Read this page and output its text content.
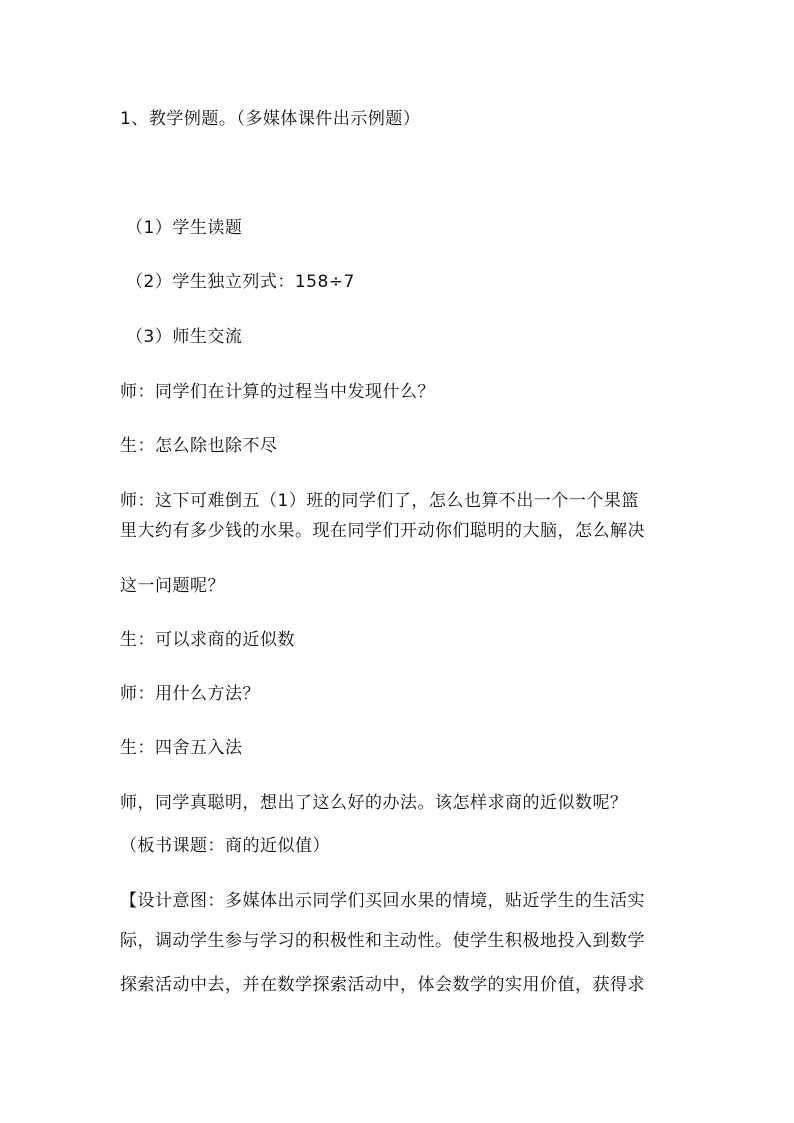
1、教学例题。（多媒体课件出示例题）
（1）学生读题
（2）学生独立列式：158÷7
（3）师生交流
师：同学们在计算的过程当中发现什么？
生：怎么除也除不尽
师：这下可难倒五（1）班的同学们了，怎么也算不出一个一个果篮
里大约有多少钱的水果。现在同学们开动你们聪明的大脑，怎么解决
这一问题呢？
生：可以求商的近似数
师：用什么方法？
生：四舍五入法
师，同学真聪明，想出了这么好的办法。该怎样求商的近似数呢？
（板书课题：商的近似值）
【设计意图：多媒体出示同学们买回水果的情境，贴近学生的生活实
际，调动学生参与学习的积极性和主动性。使学生积极地投入到数学
探索活动中去，并在数学探索活动中，体会数学的实用价值，获得求
